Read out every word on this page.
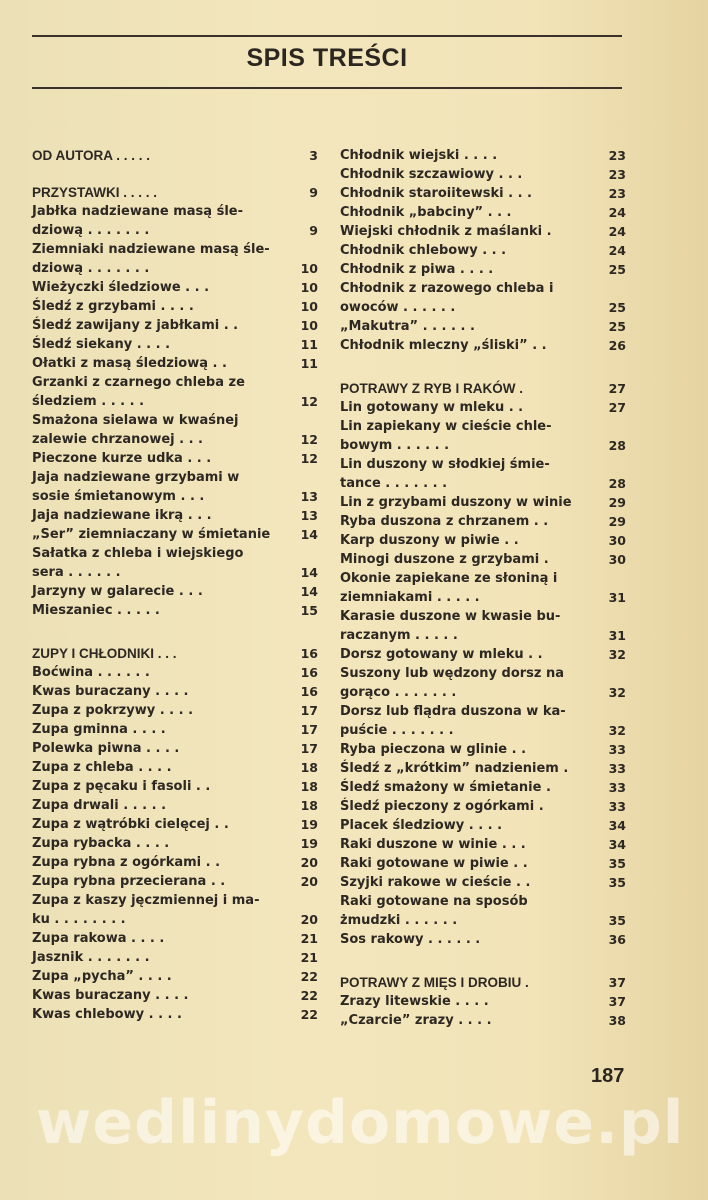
SPIS TREŚCI
OD AUTORA . . . . .	3
PRZYSTAWKI . . . . .	9
Jabłka nadziewane masą śle-
dziową . . . . . . .	9
Ziemniaki nadziewane masą śle-
dziową . . . . . . .	10
Wieżyczki śledziowe . . .	10
Śledź z grzybami . . . .	10
Śledź zawijany z jabłkami . .	10
Śledź siekany . . . .	11
Ołatki z masą śledziową . .	11
Grzanki z czarnego chleba ze
śledziem . . . . .	12
Smażona sielawa w kwaśnej
zalewie chrzanowej . . .	12
Pieczone kurze udka . . .	12
Jaja nadziewane grzybami w
sosie śmietanowym . . .	13
Jaja nadziewane ikrą . . .	13
„Ser” ziemniaczany w śmietanie	14
Sałatka z chleba i wiejskiego
sera . . . . . .	14
Jarzyny w galarecie . . .	14
Mieszaniec . . . . .	15
ZUPY I CHŁODNIKI . . .	16
Boćwina . . . . . .	16
Kwas buraczany . . . .	16
Zupa z pokrzywy . . . .	17
Zupa gminna . . . .	17
Polewka piwna . . . .	17
Zupa z chleba . . . .	18
Zupa z pęcaku i fasoli . .	18
Zupa drwali . . . . .	18
Zupa z wątróbki cielęcej . .	19
Zupa rybacka . . . .	19
Zupa rybna z ogórkami . .	20
Zupa rybna przecierana . .	20
Zupa z kaszy jęczmiennej i ma-
ku . . . . . . . .	20
Zupa rakowa . . . .	21
Jasznik . . . . . . .	21
Zupa „pycha” . . . .	22
Kwas buraczany . . . .	22
Kwas chlebowy . . . .	22
Chłodnik wiejski . . . .	23
Chłodnik szczawiowy . . .	23
Chłodnik staroiitewski . . .	23
Chłodnik „babciny” . . .	24
Wiejski chłodnik z maślanki .	24
Chłodnik chlebowy . . .	24
Chłodnik z piwa . . . .	25
Chłodnik z razowego chleba i
owoców . . . . . .	25
„Makutra” . . . . . .	25
Chłodnik mleczny „śliski” . .	26
POTRAWY Z RYB I RAKÓW .	27
Lin gotowany w mleku . .	27
Lin zapiekany w cieście chle-
bowym . . . . . .	28
Lin duszony w słodkiej śmie-
tance . . . . . . .	28
Lin z grzybami duszony w winie	29
Ryba duszona z chrzanem . .	29
Karp duszony w piwie . .	30
Minogi duszone z grzybami .	30
Okonie zapiekane ze słoniną i
ziemniakami . . . . .	31
Karasie duszone w kwasie bu-
raczanym . . . . .	31
Dorsz gotowany w mleku . .	32
Suszony lub wędzony dorsz na
gorąco . . . . . . .	32
Dorsz lub flądra duszona w ka-
puście . . . . . . .	32
Ryba pieczona w glinie . .	33
Śledź z „krótkim” nadzieniem .	33
Śledź smażony w śmietanie .	33
Śledź pieczony z ogórkami .	33
Placek śledziowy . . . .	34
Raki duszone w winie . . .	34
Raki gotowane w piwie . .	35
Szyjki rakowe w cieście . .	35
Raki gotowane na sposób
żmudzki . . . . . .	35
Sos rakowy . . . . . .	36
POTRAWY Z MIĘS I DROBIU .	37
Zrazy litewskie . . . .	37
„Czarcie” zrazy . . . .	38
187
wedlinydomowe.pl
